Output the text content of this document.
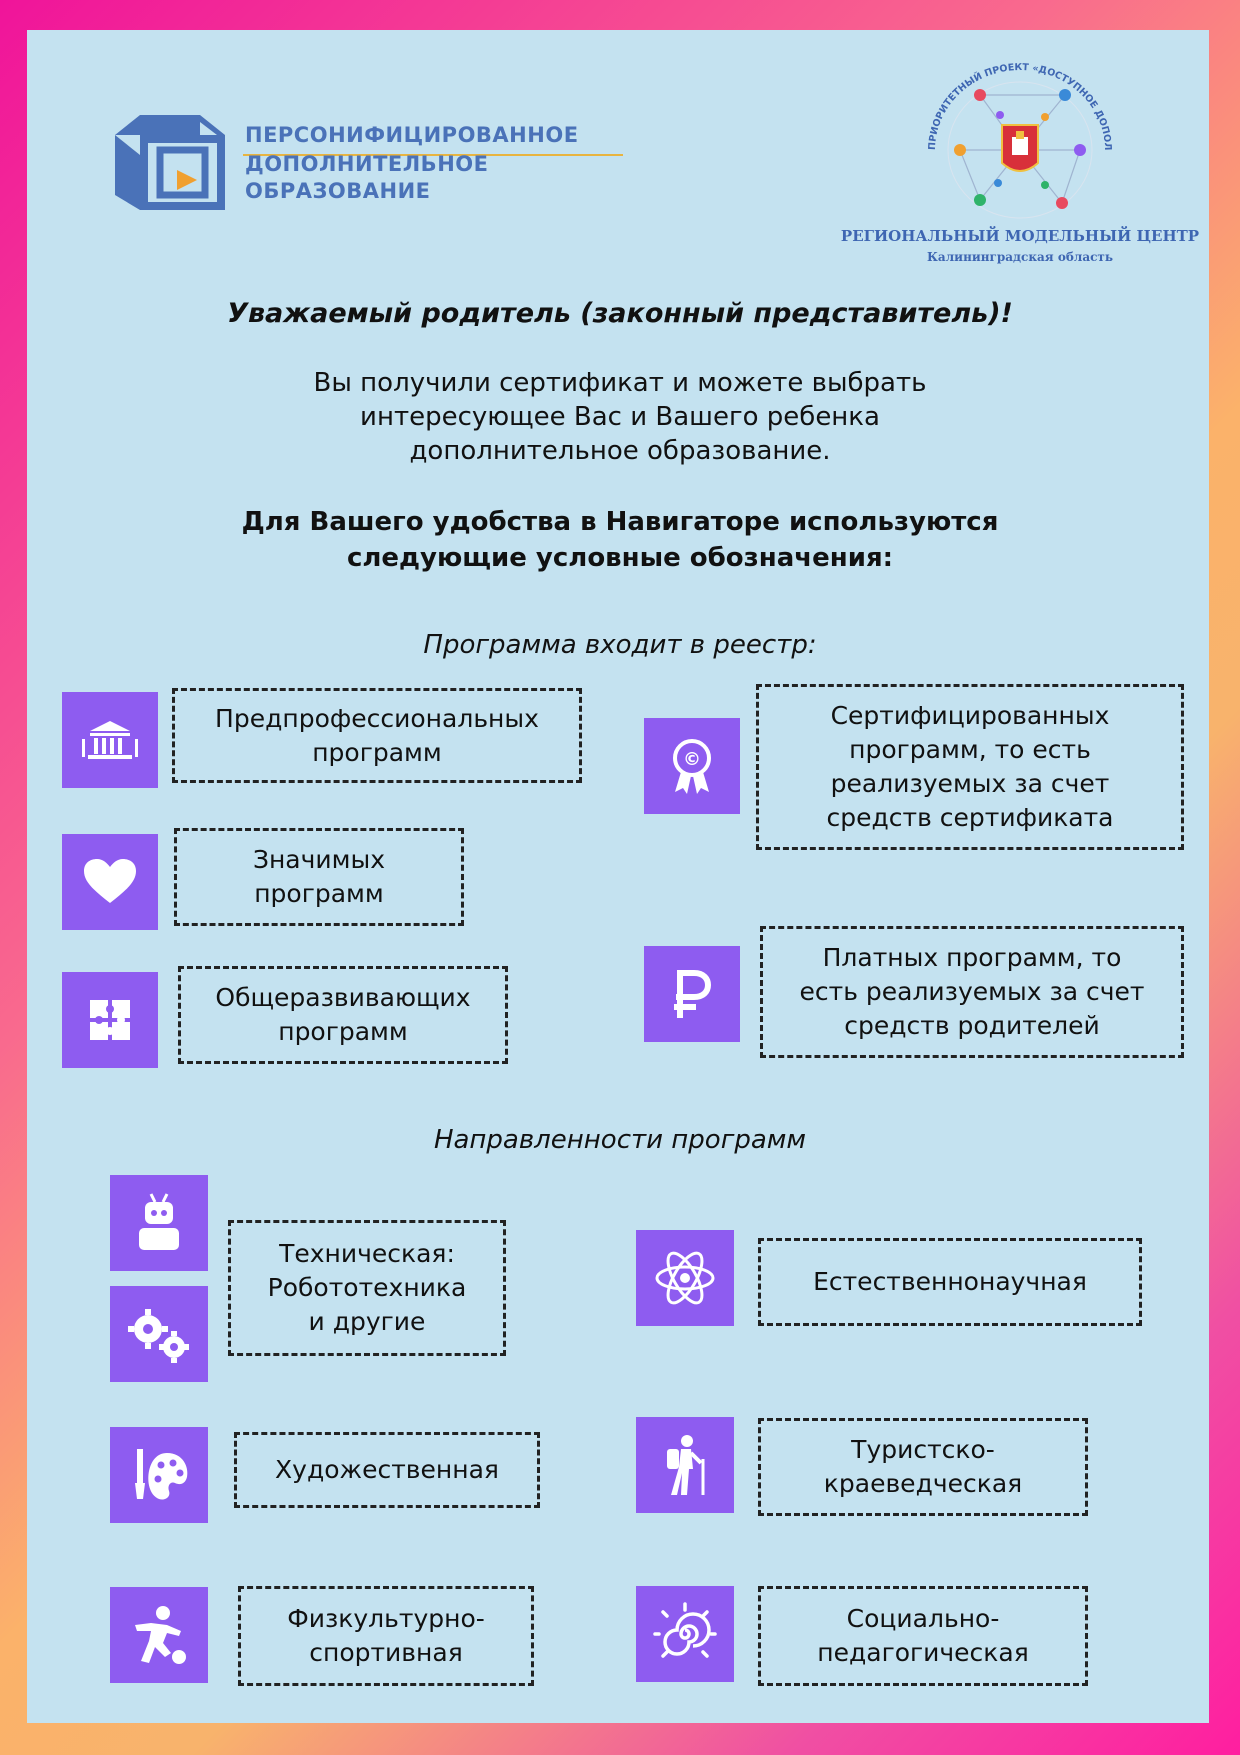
ПЕРСОНИФИЦИРОВАННОЕ
ДОПОЛНИТЕЛЬНОЕ
ОБРАЗОВАНИЕ
ПРИОРИТЕТНЫЙ ПРОЕКТ «ДОСТУПНОЕ ДОПОЛ
РЕГИОНАЛЬНЫЙ МОДЕЛЬНЫЙ ЦЕНТР
Калининградская область
Уважаемый родитель (законный представитель)!
Вы получили сертификат и можете выбрать
интересующее Вас и Вашего ребенка
дополнительное образование.
Для Вашего удобства в Навигаторе используются
следующие условные обозначения:
Программа входит в реестр:
Предпрофессиональных
программ
Значимых
программ
Общеразвивающих
программ
©
Сертифицированных
программ, то есть
реализуемых за счет
средств сертификата
Платных программ, то
есть реализуемых за счет
средств родителей
Направленности программ
Техническая:
Робототехника
и другие
Естественнонаучная
Художественная
Туристско-
краеведческая
Физкультурно-
спортивная
Социально-
педагогическая
